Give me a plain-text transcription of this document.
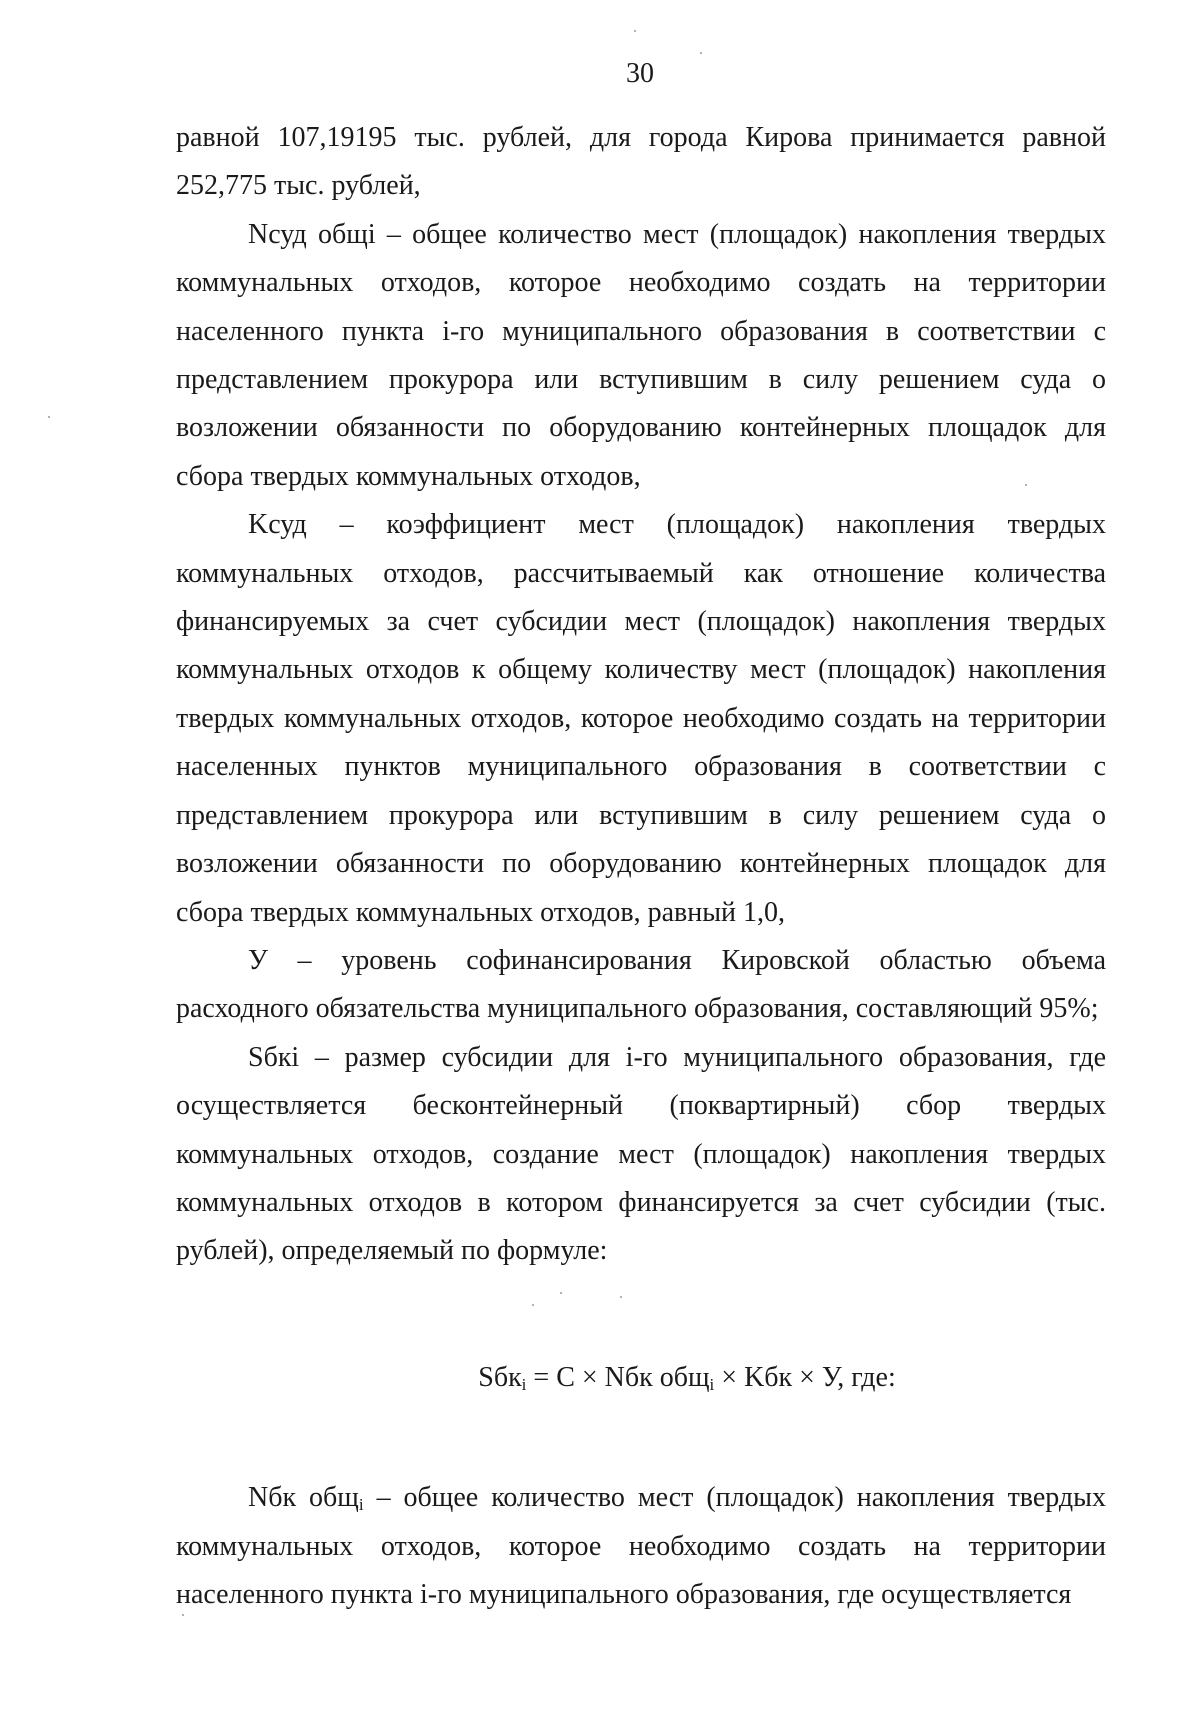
30

равной 107,19195 тыс. рублей, для города Кирова принимается равной 252,775 тыс. рублей,

Nсуд общi – общее количество мест (площадок) накопления твердых коммунальных отходов, которое необходимо создать на территории населенного пункта i-го муниципального образования в соответствии с представлением прокурора или вступившим в силу решением суда о возложении обязанности по оборудованию контейнерных площадок для сбора твердых коммунальных отходов,

Kсуд – коэффициент мест (площадок) накопления твердых коммунальных отходов, рассчитываемый как отношение количества финансируемых за счет субсидии мест (площадок) накопления твердых коммунальных отходов к общему количеству мест (площадок) накопления твердых коммунальных отходов, которое необходимо создать на территории населенных пунктов муниципального образования в соответствии с представлением прокурора или вступившим в силу решением суда о возложении обязанности по оборудованию контейнерных площадок для сбора твердых коммунальных отходов, равный 1,0,

У – уровень софинансирования Кировской областью объема расходного обязательства муниципального образования, составляющий 95%;

Sбкi – размер субсидии для i-го муниципального образования, где осуществляется бесконтейнерный (поквартирный) сбор твердых коммунальных отходов, создание мест (площадок) накопления твердых коммунальных отходов в котором финансируется за счет субсидии (тыс. рублей), определяемый по формуле:

Sбк$_i$ = C × Nбк общ$_i$ × Kбк × У, где:

Nбк общi – общее количество мест (площадок) накопления твердых коммунальных отходов, которое необходимо создать на территории населенного пункта i-го муниципального образования, где осуществляется
